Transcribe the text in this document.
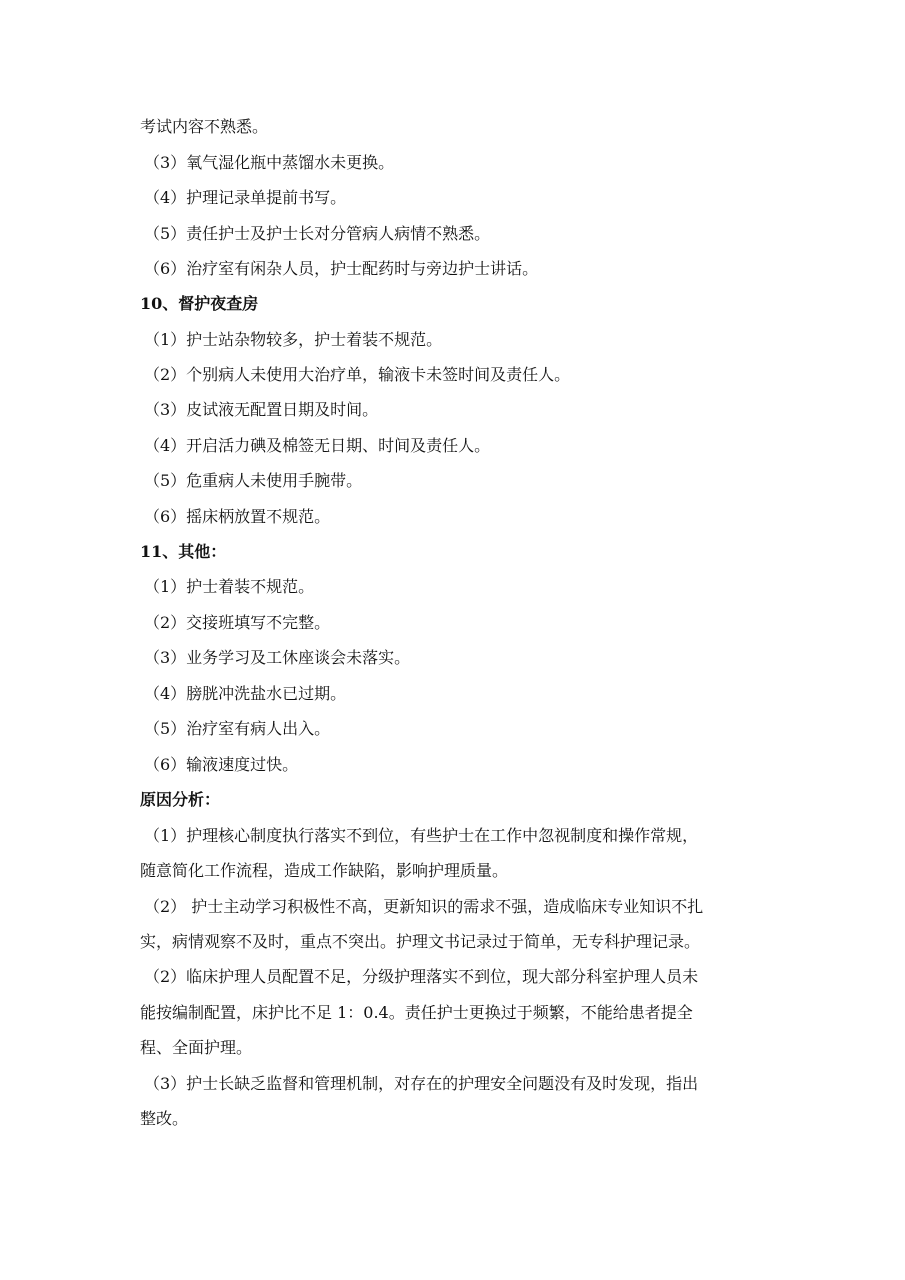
考试内容不熟悉。
（3）氧气湿化瓶中蒸馏水未更换。
（4）护理记录单提前书写。
（5）责任护士及护士长对分管病人病情不熟悉。
（6）治疗室有闲杂人员，护士配药时与旁边护士讲话。
10、督护夜查房
（1）护士站杂物较多，护士着装不规范。
（2）个别病人未使用大治疗单，输液卡未签时间及责任人。
（3）皮试液无配置日期及时间。
（4）开启活力碘及棉签无日期、时间及责任人。
（5）危重病人未使用手腕带。
（6）摇床柄放置不规范。
11、其他：
（1）护士着装不规范。
（2）交接班填写不完整。
（3）业务学习及工休座谈会未落实。
（4）膀胱冲洗盐水已过期。
（5）治疗室有病人出入。
（6）输液速度过快。
原因分析：
（1）护理核心制度执行落实不到位，有些护士在工作中忽视制度和操作常规，
随意简化工作流程，造成工作缺陷，影响护理质量。
（2） 护士主动学习积极性不高，更新知识的需求不强，造成临床专业知识不扎
实，病情观察不及时，重点不突出。护理文书记录过于简单，无专科护理记录。
（2）临床护理人员配置不足，分级护理落实不到位，现大部分科室护理人员未
能按编制配置，床护比不足 1：0.4。责任护士更换过于频繁，不能给患者提全
程、全面护理。
（3）护士长缺乏监督和管理机制，对存在的护理安全问题没有及时发现，指出
整改。
